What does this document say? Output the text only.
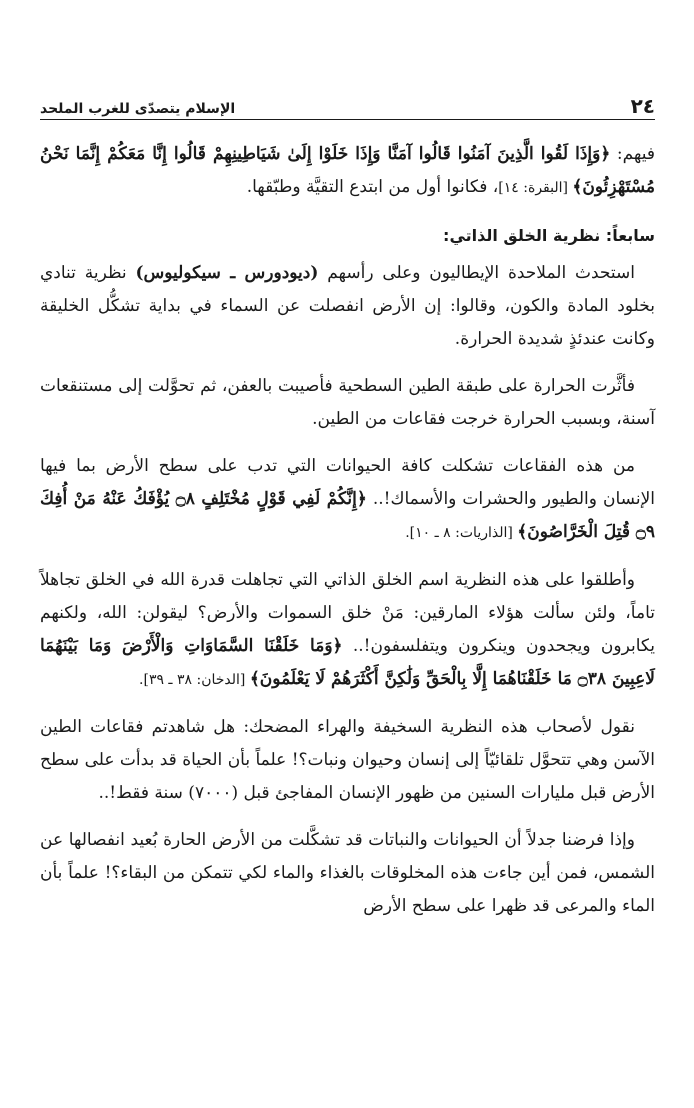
٢٤
الإسلام يتصدّى للغرب الملحد

فيهم: ﴿وَإِذَا لَقُوا الَّذِينَ آمَنُوا قَالُوا آمَنَّا وَإِذَا خَلَوْا إِلَىٰ شَيَاطِينِهِمْ قَالُوا إِنَّا مَعَكُمْ إِنَّمَا نَحْنُ مُسْتَهْزِئُونَ﴾ [البقرة: ١٤]، فكانوا أول من ابتدع التقيَّة وطبّقها.

سابعاً: نظرية الخلق الذاتي:

استحدث الملاحدة الإيطاليون وعلى رأسهم (ديودورس ـ سيكوليوس) نظرية تنادي بخلود المادة والكون، وقالوا: إن الأرض انفصلت عن السماء في بداية تشكُّل الخليقة وكانت عندئذٍ شديدة الحرارة.

فأثَّرت الحرارة على طبقة الطين السطحية فأصيبت بالعفن، ثم تحوَّلت إلى مستنقعات آسنة، وبسبب الحرارة خرجت فقاعات من الطين.

من هذه الفقاعات تشكلت كافة الحيوانات التي تدب على سطح الأرض بما فيها الإنسان والطيور والحشرات والأسماك!.. ﴿إِنَّكُمْ لَفِي قَوْلٍ مُخْتَلِفٍ ۝٨ يُؤْفَكُ عَنْهُ مَنْ أُفِكَ ۝٩ قُتِلَ الْخَرَّاصُونَ﴾ [الذاريات: ٨ ـ ١٠].

وأطلقوا على هذه النظرية اسم الخلق الذاتي التي تجاهلت قدرة الله في الخلق تجاهلاً تاماً، ولئن سألت هؤلاء المارقين: مَنْ خلق السموات والأرض؟ ليقولن: الله، ولكنهم يكابرون ويجحدون وينكرون ويتفلسفون!.. ﴿وَمَا خَلَقْنَا السَّمَاوَاتِ وَالْأَرْضَ وَمَا بَيْنَهُمَا لَاعِبِينَ ۝٣٨ مَا خَلَقْنَاهُمَا إِلَّا بِالْحَقِّ وَلَٰكِنَّ أَكْثَرَهُمْ لَا يَعْلَمُونَ﴾ [الدخان: ٣٨ ـ ٣٩].

نقول لأصحاب هذه النظرية السخيفة والهراء المضحك: هل شاهدتم فقاعات الطين الآسن وهي تتحوَّل تلقائيّاً إلى إنسان وحيوان ونبات؟! علماً بأن الحياة قد بدأت على سطح الأرض قبل مليارات السنين من ظهور الإنسان المفاجئ قبل (٧٠٠٠) سنة فقط!..

وإذا فرضنا جدلاً أن الحيوانات والنباتات قد تشكَّلت من الأرض الحارة بُعيد انفصالها عن الشمس، فمن أين جاءت هذه المخلوقات بالغذاء والماء لكي تتمكن من البقاء؟! علماً بأن الماء والمرعى قد ظهرا على سطح الأرض
